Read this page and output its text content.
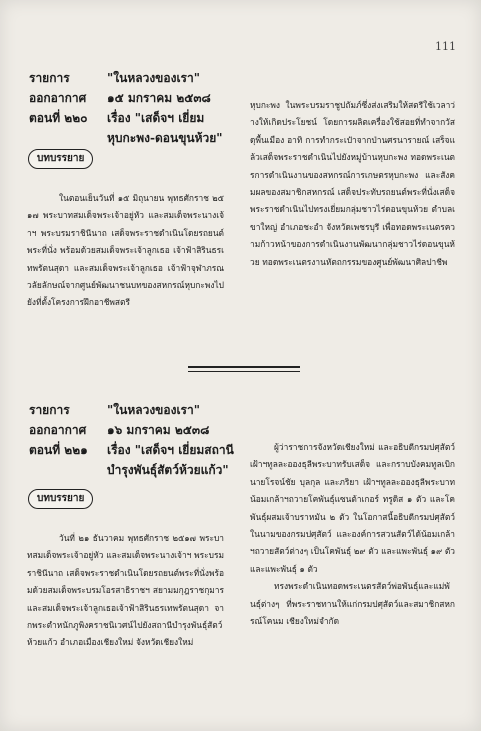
111
รายการ	"ในหลวงของเรา"
ออกอากาศ	๑๕ มกราคม ๒๕๓๘
ตอนที่ ๒๒๐	เรื่อง "เสด็จฯ เยี่ยม
หุบกะพง-ดอนขุนห้วย"
บทบรรยาย

ในตอนเย็นวันที่ ๑๕ มิถุนายน พุทธศักราช ๒๕๑๗ พระบาทสมเด็จพระเจ้าอยู่หัว และสมเด็จพระนางเจ้าฯ พระบรมราชินีนาถ เสด็จพระราชดำเนินโดยรถยนต์พระที่นั่ง พร้อมด้วยสมเด็จพระเจ้าลูกเธอ เจ้าฟ้าสิรินธรเทพรัตนสุดา และสมเด็จพระเจ้าลูกเธอ เจ้าฟ้าจุฬาภรณวลัยลักษณ์จากศูนย์พัฒนาชนบทของสหกรณ์หุบกะพงไปยังที่ตั้งโครงการฝึกอาชีพสตรี

หุบกะพง ในพระบรมราชูปถัมภ์ซึ่งส่งเสริมให้สตรีใช้เวลาว่างให้เกิดประโยชน์ โดยการผลิตเครื่องใช้สอยที่ทำจากวัสดุพื้นเมือง อาทิ การทำกระเป๋าจากป่านศรนารายณ์ เสร็จแล้วเสด็จพระราชดำเนินไปยังหมู่บ้านหุบกะพง ทอดพระเนตรการดำเนินงานของสหกรณ์การเกษตรหุบกะพง และสังคมผลของสมาชิกสหกรณ์ เสด็จประทับรถยนต์พระที่นั่งเสด็จพระราชดำเนินไปทรงเยี่ยมกลุ่มชาวไร่ดอนขุนห้วย ตำบลเขาใหญ่ อำเภอชะอำ จังหวัดเพชรบุรี เพื่อทอดพระเนตรความก้าวหน้าของการดำเนินงานพัฒนากลุ่มชาวไร่ดอนขุนห้วย ทอดพระเนตรงานหัตถกรรมของศูนย์พัฒนาศิลปาชีพ

รายการ	"ในหลวงของเรา"
ออกอากาศ	๑๖ มกราคม ๒๕๓๘
ตอนที่ ๒๒๑	เรื่อง "เสด็จฯ เยี่ยมสถานี
บำรุงพันธุ์สัตว์ห้วยแก้ว"
บทบรรยาย

วันที่ ๒๑ ธันวาคม พุทธศักราช ๒๕๑๗ พระบาทสมเด็จพระเจ้าอยู่หัว และสมเด็จพระนางเจ้าฯ พระบรมราชินีนาถ เสด็จพระราชดำเนินโดยรถยนต์พระที่นั่งพร้อมด้วยสมเด็จพระบรมโอรสาธิราชฯ สยามมกุฎราชกุมาร และสมเด็จพระเจ้าลูกเธอเจ้าฟ้าสิรินธรเทพรัตนสุดา จากพระตำหนักภูพิงคราชนิเวศน์ไปยังสถานีบำรุงพันธุ์สัตว์ห้วยแก้ว อำเภอเมืองเชียงใหม่ จังหวัดเชียงใหม่

ผู้ว่าราชการจังหวัดเชียงใหม่ และอธิบดีกรมปศุสัตว์ เฝ้าฯทูลละอองธุลีพระบาทรับเสด็จ และกราบบังคมทูลเบิกนายโรจน์ชัย บุลกุล และภริยา เฝ้าฯทูลละอองธุลีพระบาทน้อมเกล้าฯถวายโคพันธุ์แซนต้าเกอร์ ทรูดิส ๑ ตัว และโคพันธุ์ผสมเจ้าบราหมัน ๒ ตัว ในโอกาสนี้อธิบดีกรมปศุสัตว์ในนามของกรมปศุสัตว์ และองค์การสวนสัตว์ได้น้อมเกล้าฯถวายสัตว์ต่างๆ เป็นโคพันธุ์ ๒๙ ตัว และแพะพันธุ์ ๑๙ ตัว และแพะพันธุ์ ๑ ตัว

ทรงพระดำเนินทอดพระเนตรสัตว์พ่อพันธุ์และแม่พันธุ์ต่างๆ ที่พระราชทานให้แก่กรมปศุสัตว์และสมาชิกสหกรณ์โคนม เชียงใหม่จำกัด
